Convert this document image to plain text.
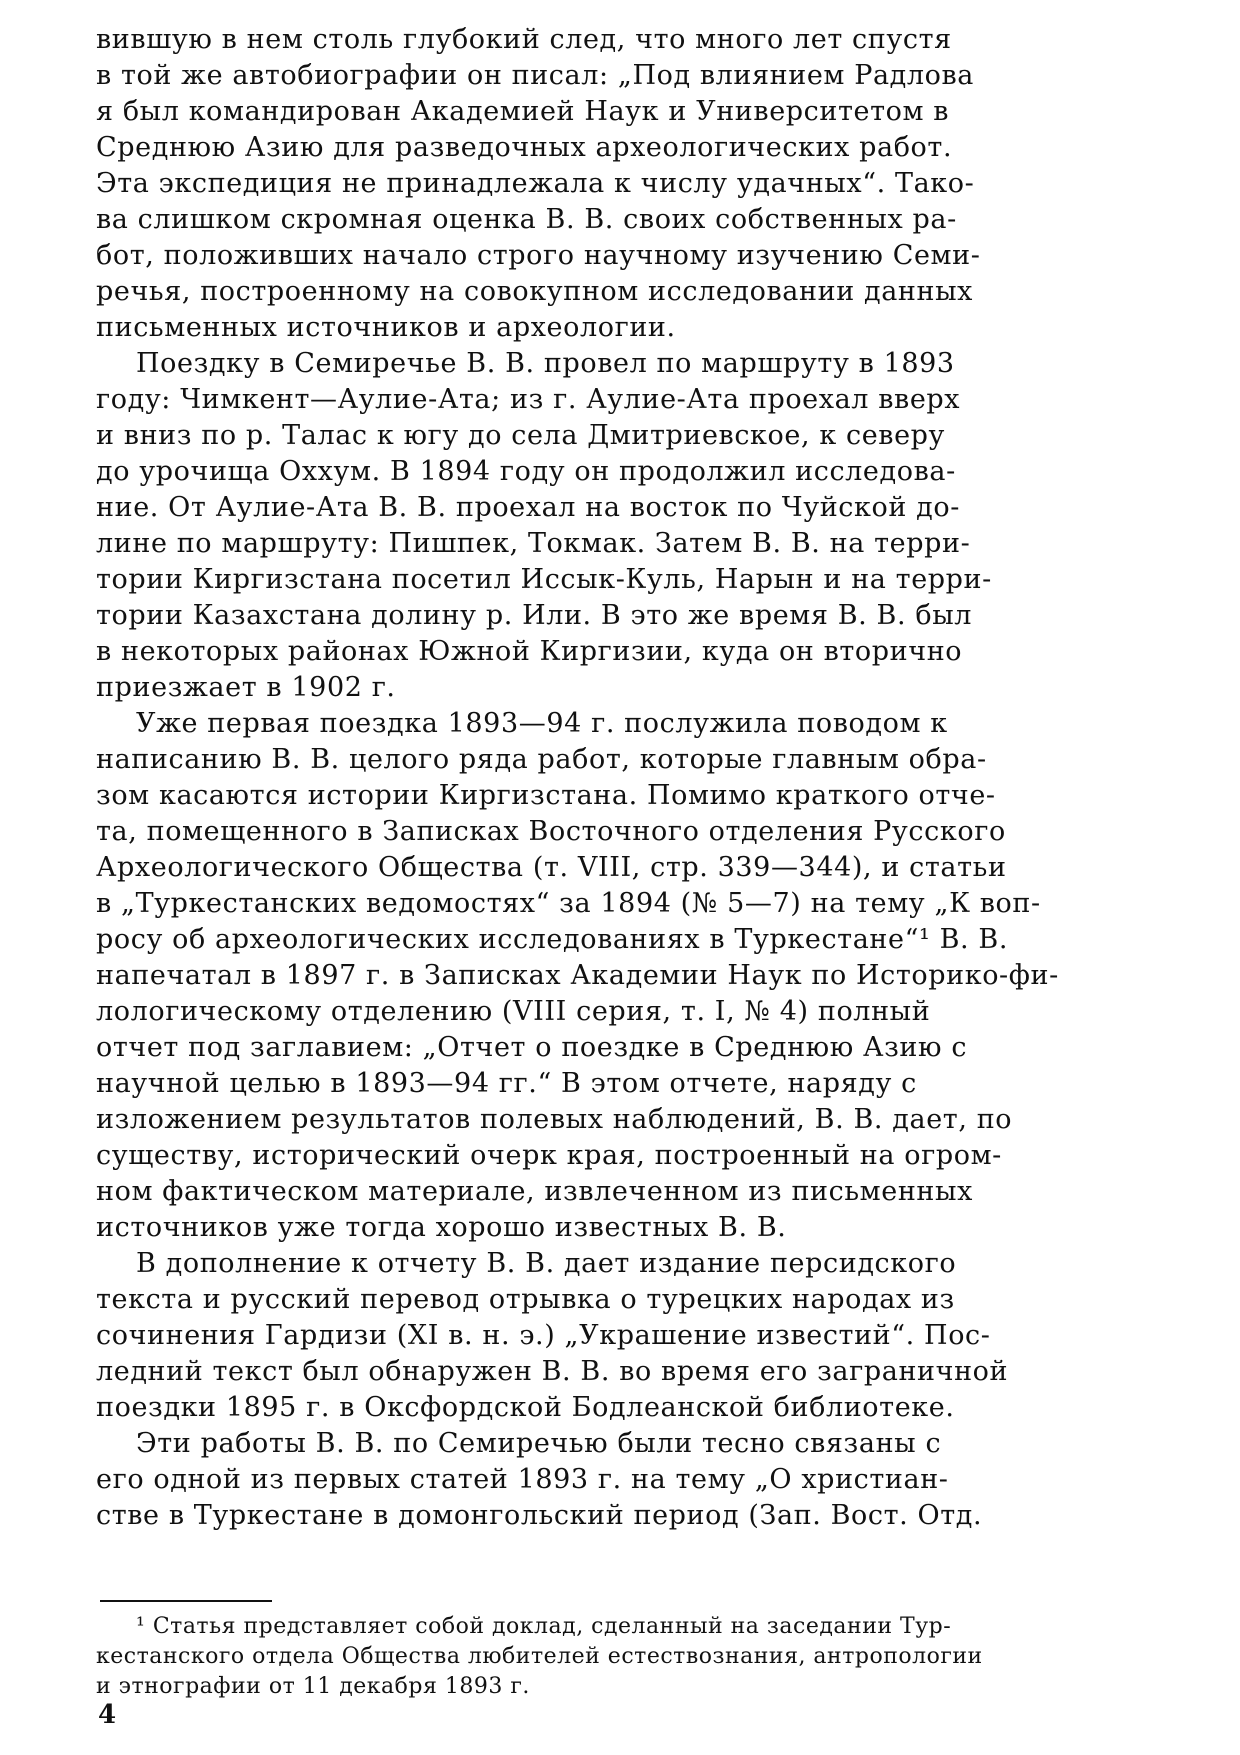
вившую в нем столь глубокий след, что много лет спустя
в той же автобиографии он писал: „Под влиянием Радлова
я был командирован Академией Наук и Университетом в
Среднюю Азию для разведочных археологических работ.
Эта экспедиция не принадлежала к числу удачных“. Тако-
ва слишком скромная оценка В. В. своих собственных ра-
бот, положивших начало строго научному изучению Семи-
речья, построенному на совокупном исследовании данных
письменных источников и археологии.
Поездку в Семиречье В. В. провел по маршруту в 1893
году: Чимкент—Аулие-Ата; из г. Аулие-Ата проехал вверх
и вниз по р. Талас к югу до села Дмитриевское, к северу
до урочища Оххум. В 1894 году он продолжил исследова-
ние. От Аулие-Ата В. В. проехал на восток по Чуйской до-
лине по маршруту: Пишпек, Токмак. Затем В. В. на терри-
тории Киргизстана посетил Иссык-Куль, Нарын и на терри-
тории Казахстана долину р. Или. В это же время В. В. был
в некоторых районах Южной Киргизии, куда он вторично
приезжает в 1902 г.
Уже первая поездка 1893—94 г. послужила поводом к
написанию В. В. целого ряда работ, которые главным обра-
зом касаются истории Киргизстана. Помимо краткого отче-
та, помещенного в Записках Восточного отделения Русского
Археологического Общества (т. VIII, стр. 339—344), и статьи
в „Туркестанских ведомостях“ за 1894 (№ 5—7) на тему „К воп-
росу об археологических исследованиях в Туркестане“¹ В. В.
напечатал в 1897 г. в Записках Академии Наук по Историко-фи-
лологическому отделению (VIII серия, т. I, № 4) полный
отчет под заглавием: „Отчет о поездке в Среднюю Азию с
научной целью в 1893—94 гг.“ В этом отчете, наряду с
изложением результатов полевых наблюдений, В. В. дает, по
существу, исторический очерк края, построенный на огром-
ном фактическом материале, извлеченном из письменных
источников уже тогда хорошо известных В. В.
В дополнение к отчету В. В. дает издание персидского
текста и русский перевод отрывка о турецких народах из
сочинения Гардизи (XI в. н. э.) „Украшение известий“. Пос-
ледний текст был обнаружен В. В. во время его заграничной
поездки 1895 г. в Оксфордской Бодлеанской библиотеке.
Эти работы В. В. по Семиречью были тесно связаны с
его одной из первых статей 1893 г. на тему „О христиан-
стве в Туркестане в домонгольский период (Зап. Вост. Отд.
¹ Статья представляет собой доклад, сделанный на заседании Тур-
кестанского отдела Общества любителей естествознания, антропологии
и этнографии от 11 декабря 1893 г.
4
